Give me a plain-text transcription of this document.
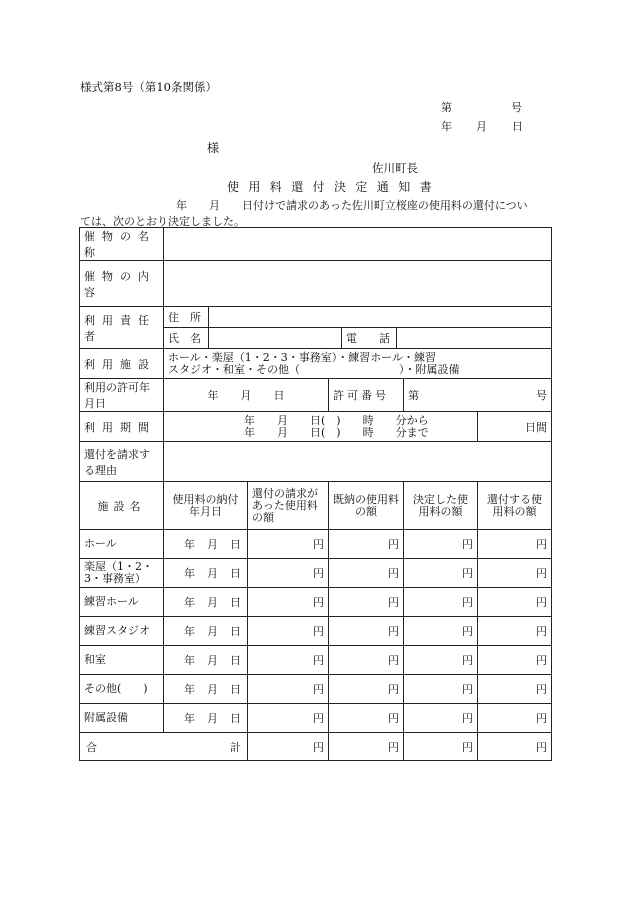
様式第8号（第10条関係）
第	号
年 月 日
様
佐川町長
使用料還付決定通知書
年　　月　　日付けで請求のあった佐川町立桜座の使用料の還付につい
ては、次のとおり決定しました。
催物の名称					
催物の内容					
利用責任者	住　所				

氏　名 電　　話				

利用施設	ホール・楽屋（1・2・3・事務室）・練習ホール・練習
スタジオ・和室・その他（　　　　　　　　　）・附属設備				

利用の許可年月日	年　　月　　日		許可番号	第 号	

利用期間	年　　月　　日(　)　　時　　分から
年　　月　　日(　)　　時　　分まで				日間
還付を請求する理由					
施設名	使用料の納付年月日	還付の請求があった使用料の額	既納の使用料の額	決定した使用料の額	還付する使用料の額
ホール	年 月 日	円	円	円	円
楽屋（1・2・3・事務室）	年 月 日	円	円	円	円
練習ホール	年 月 日	円	円	円	円
練習スタジオ	年 月 日	円	円	円	円
和室	年 月 日	円	円	円	円
その他(　　)	年 月 日	円	円	円	円
附属設備	年 月 日	円	円	円	円

合 計		円	円	円	円
